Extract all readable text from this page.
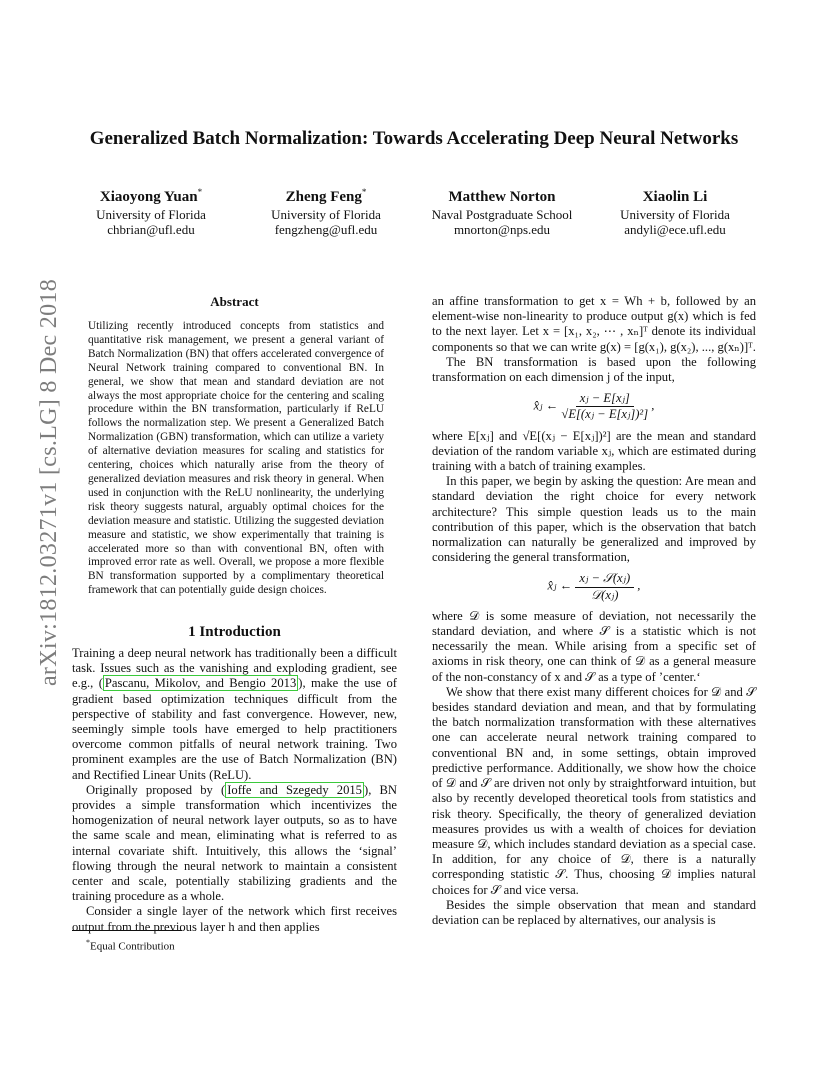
arXiv:1812.03271v1 [cs.LG] 8 Dec 2018
Generalized Batch Normalization: Towards Accelerating Deep Neural Networks
Xiaoyong Yuan*
University of Florida
chbrian@ufl.edu
Zheng Feng*
University of Florida
fengzheng@ufl.edu
Matthew Norton
Naval Postgraduate School
mnorton@nps.edu
Xiaolin Li
University of Florida
andyli@ece.ufl.edu
Abstract
Utilizing recently introduced concepts from statistics and quantitative risk management, we present a general variant of Batch Normalization (BN) that offers accelerated convergence of Neural Network training compared to conventional BN. In general, we show that mean and standard deviation are not always the most appropriate choice for the centering and scaling procedure within the BN transformation, particularly if ReLU follows the normalization step. We present a Generalized Batch Normalization (GBN) transformation, which can utilize a variety of alternative deviation measures for scaling and statistics for centering, choices which naturally arise from the theory of generalized deviation measures and risk theory in general. When used in conjunction with the ReLU nonlinearity, the underlying risk theory suggests natural, arguably optimal choices for the deviation measure and statistic. Utilizing the suggested deviation measure and statistic, we show experimentally that training is accelerated more so than with conventional BN, often with improved error rate as well. Overall, we propose a more flexible BN transformation supported by a complimentary theoretical framework that can potentially guide design choices.
1 Introduction

Training a deep neural network has traditionally been a difficult task. Issues such as the vanishing and exploding gradient, see e.g., ( Pascanu, Mikolov, and Bengio 2013 ), make the use of gradient based optimization techniques difficult from the perspective of stability and fast convergence. However, new, seemingly simple tools have emerged to help practitioners overcome common pitfalls of neural network training. Two prominent examples are the use of Batch Normalization (BN) and Rectified Linear Units (ReLU).

Originally proposed by ( Ioffe and Szegedy 2015 ), BN provides a simple transformation which incentivizes the homogenization of neural network layer outputs, so as to have the same scale and mean, eliminating what is referred to as internal covariate shift. Intuitively, this allows the ‘signal’ flowing through the neural network to maintain a consistent center and scale, potentially stabilizing gradients and the training procedure as a whole.

Consider a single layer of the network which first receives output from the previous layer h and then applies

an affine transformation to get x = Wh + b, followed by an element-wise non-linearity to produce output g(x) which is fed to the next layer. Let x = [x₁, x₂, ⋯ , xₙ]ᵀ denote its individual components so that we can write g(x) = [g(x₁), g(x₂), ..., g(xₙ)]ᵀ.

The BN transformation is based upon the following transformation on each dimension j of the input,

x̂ⱼ ← $\frac{\text{xⱼ − E[xⱼ]}}{\text{√E[(xⱼ − E[xⱼ])²]}}$ ,

where E[xⱼ] and √E[(xⱼ − E[xⱼ])²] are the mean and standard deviation of the random variable xⱼ, which are estimated during training with a batch of training examples.

In this paper, we begin by asking the question: Are mean and standard deviation the right choice for every network architecture? This simple question leads us to the main contribution of this paper, which is the observation that batch normalization can naturally be generalized and improved by considering the general transformation,

x̂ⱼ ← $\frac{\text{xⱼ − 𝒮(xⱼ)}}{\text{𝒟(xⱼ)}}$ ,

where 𝒟 is some measure of deviation, not necessarily the standard deviation, and where 𝒮 is a statistic which is not necessarily the mean. While arising from a specific set of axioms in risk theory, one can think of 𝒟 as a general measure of the non-constancy of x and 𝒮 as a type of ’center.‘

We show that there exist many different choices for 𝒟 and 𝒮 besides standard deviation and mean, and that by formulating the batch normalization transformation with these alternatives one can accelerate neural network training compared to conventional BN and, in some settings, obtain improved predictive performance. Additionally, we show how the choice of 𝒟 and 𝒮 are driven not only by straightforward intuition, but also by recently developed theoretical tools from statistics and risk theory. Specifically, the theory of generalized deviation measures provides us with a wealth of choices for deviation measure 𝒟, which includes standard deviation as a special case. In addition, for any choice of 𝒟, there is a naturally corresponding statistic 𝒮. Thus, choosing 𝒟 implies natural choices for 𝒮 and vice versa.

Besides the simple observation that mean and standard deviation can be replaced by alternatives, our analysis is

*Equal Contribution
